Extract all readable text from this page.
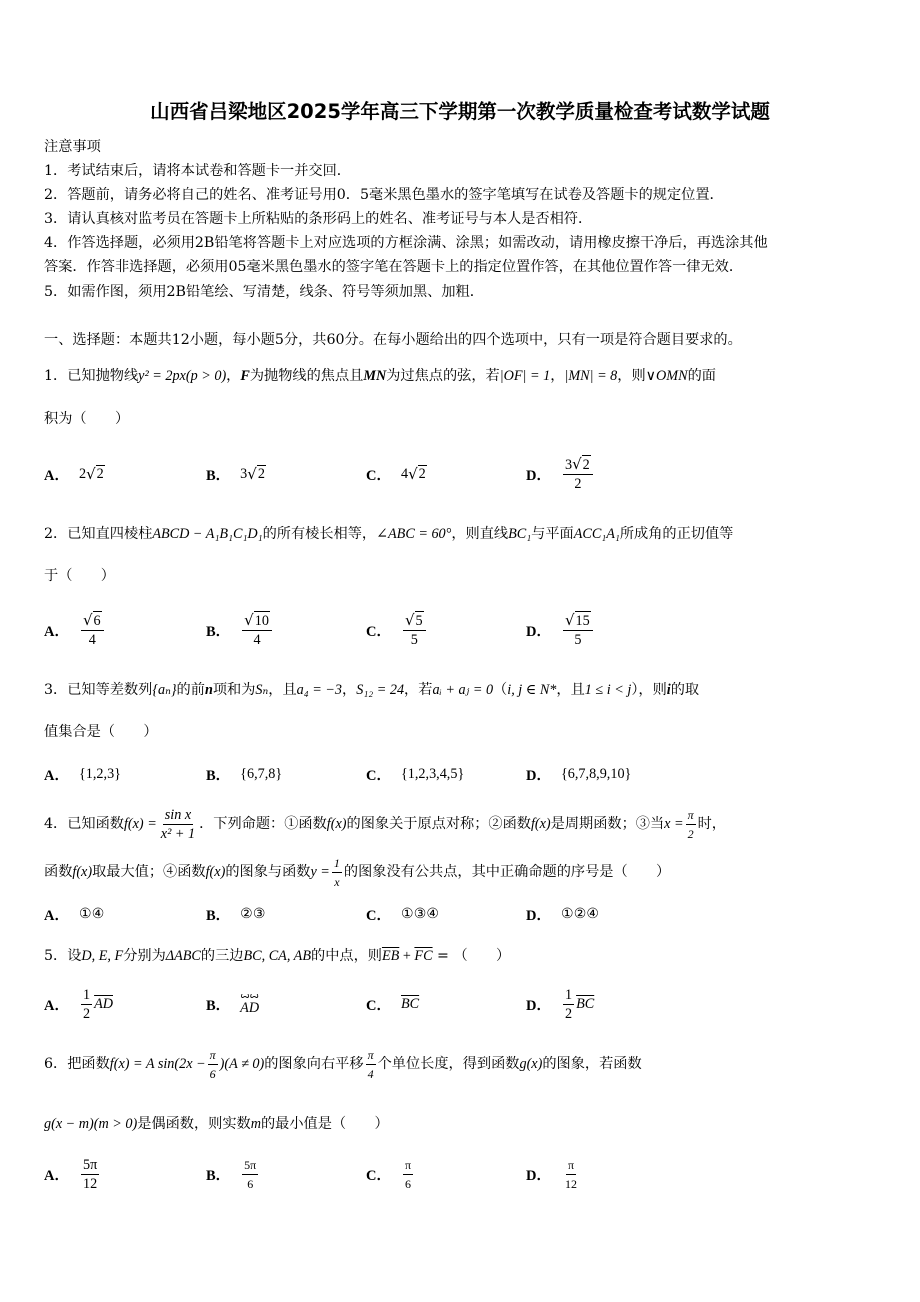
山西省吕梁地区2025学年高三下学期第一次教学质量检查考试数学试题
注意事项
1．考试结束后，请将本试卷和答题卡一并交回．
2．答题前，请务必将自己的姓名、准考证号用0．5毫米黑色墨水的签字笔填写在试卷及答题卡的规定位置．
3．请认真核对监考员在答题卡上所粘贴的条形码上的姓名、准考证号与本人是否相符．
4．作答选择题，必须用2B铅笔将答题卡上对应选项的方框涂满、涂黑；如需改动，请用橡皮擦干净后，再选涂其他
答案．作答非选择题，必须用05毫米黑色墨水的签字笔在答题卡上的指定位置作答，在其他位置作答一律无效．
5．如需作图，须用2B铅笔绘、写清楚，线条、符号等须加黑、加粗．
一、选择题：本题共12小题，每小题5分，共60分。在每小题给出的四个选项中，只有一项是符合题目要求的。
1．已知抛物线y² = 2px(p > 0)，F为抛物线的焦点且MN为过焦点的弦，若|OF| = 1，|MN| = 8，则∨OMN的面
积为（　　）
A． 2 √ 2	B． 3 √ 2	C． 4 √ 2	D． $\frac{3 √ 2}{2}$
2．已知直四棱柱ABCD − A₁B₁C₁D₁的所有棱长相等，∠ABC = 60°，则直线BC₁与平面ACC₁A₁所成角的正切值等
于（　　）
A． $\frac{√ 6}{4}$	B． $\frac{√ 10}{4}$	C． $\frac{√ 5}{5}$	D． $\frac{√ 15}{5}$
3．已知等差数列{aₙ}的前n项和为Sₙ，且a₄ = −3，S₁₂ = 24，若aᵢ + aⱼ = 0（i, j ∈ N*，且1 ≤ i < j），则i的取
值集合是（　　）
A． {1,2,3}	B． {6,7,8}	C． {1,2,3,4,5}	D． {6,7,8,9,10}
4．已知函数 $f(x) = \frac{\text{sin x}}{\text{x² + 1}}$ ．下列命题：①函数 f(x) 的图象关于原点对称；②函数 f(x) 是周期函数；③当 $x = \frac{\pi}{2}$ 时，
函数 f(x) 取最大值；④函数 f(x) 的图象与函数 $y = \frac{1}{x}$ 的图象没有公共点，其中正确命题的序号是（　　）
A． ①④	B． ②③	C． ①③④	D． ①②④
5．设D, E, F分别为ΔABC的三边BC, CA, AB的中点，则$\overline{EB} + \overline{FC}$ = （　　）
A． $\frac{1}{2} \overline{AD}$	B．
ꙍꙍ
AD	C． $\overline{BC}$	D． $\frac{1}{2} \overline{BC}$
6．把函数 f(x) = A $\sin (2x - \frac{\pi}{6} )(A \ne 0)$ 的图象向右平移 $\frac{\pi}{4}$ 个单位长度，得到函数 g(x) 的图象，若函数
g(x − m)(m > 0)是偶函数，则实数m的最小值是（　　）
A． $\frac{5\pi}{12}$	B． $\frac{5\pi}{6}$	C． $\frac{\pi}{6}$	D． $\frac{\pi}{12}$
